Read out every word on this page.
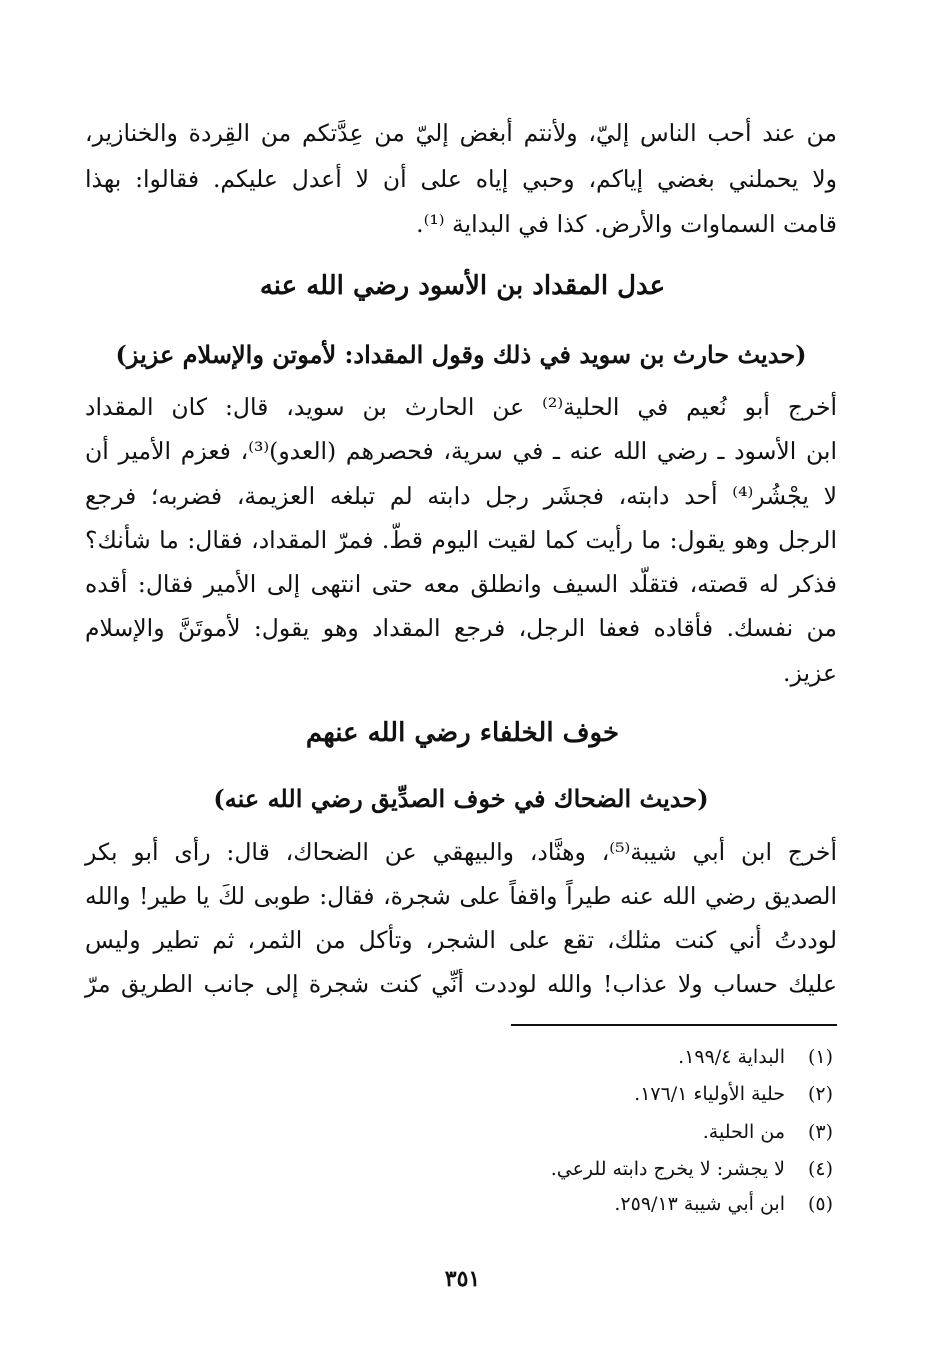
من عند أحب الناس إليّ، ولأنتم أبغض إليّ من عِدَّتكم من القِردة والخنازير،
ولا يحملني بغضي إياكم، وحبي إياه على أن لا أعدل عليكم. فقالوا: بهذا
قامت السماوات والأرض. كذا في البداية ⁽¹⁾.
عدل المقداد بن الأسود رضي الله عنه
(حديث حارث بن سويد في ذلك وقول المقداد: لأموتن والإسلام عزيز)
أخرج أبو نُعيم في الحلية⁽²⁾ عن الحارث بن سويد، قال: كان المقداد
ابن الأسود ـ رضي الله عنه ـ في سرية، فحصرهم (العدو)⁽³⁾، فعزم الأمير أن
لا يجْشُر⁽⁴⁾ أحد دابته، فجشَر رجل دابته لم تبلغه العزيمة، فضربه؛ فرجع
الرجل وهو يقول: ما رأيت كما لقيت اليوم قطّ. فمرّ المقداد، فقال: ما شأنك؟
فذكر له قصته، فتقلّد السيف وانطلق معه حتى انتهى إلى الأمير فقال: أقده
من نفسك. فأقاده فعفا الرجل، فرجع المقداد وهو يقول: لأموتَنَّ والإسلام
عزيز.
خوف الخلفاء رضي الله عنهم
(حديث الضحاك في خوف الصدِّيق رضي الله عنه)
أخرج ابن أبي شيبة⁽⁵⁾، وهنَّاد، والبيهقي عن الضحاك، قال: رأى أبو بكر
الصديق رضي الله عنه طيراً واقفاً على شجرة، فقال: طوبى لكَ يا طير! والله
لوددتُ أني كنت مثلك، تقع على الشجر، وتأكل من الثمر، ثم تطير وليس
عليك حساب ولا عذاب! والله لوددت أنِّي كنت شجرة إلى جانب الطريق مرّ
(١)البداية ١٩٩/٤.
(٢)حلية الأولياء ١٧٦/١.
(٣)من الحلية.
(٤)لا يجشر: لا يخرج دابته للرعي.
(٥)ابن أبي شيبة ٢٥٩/١٣.
٣٥١
